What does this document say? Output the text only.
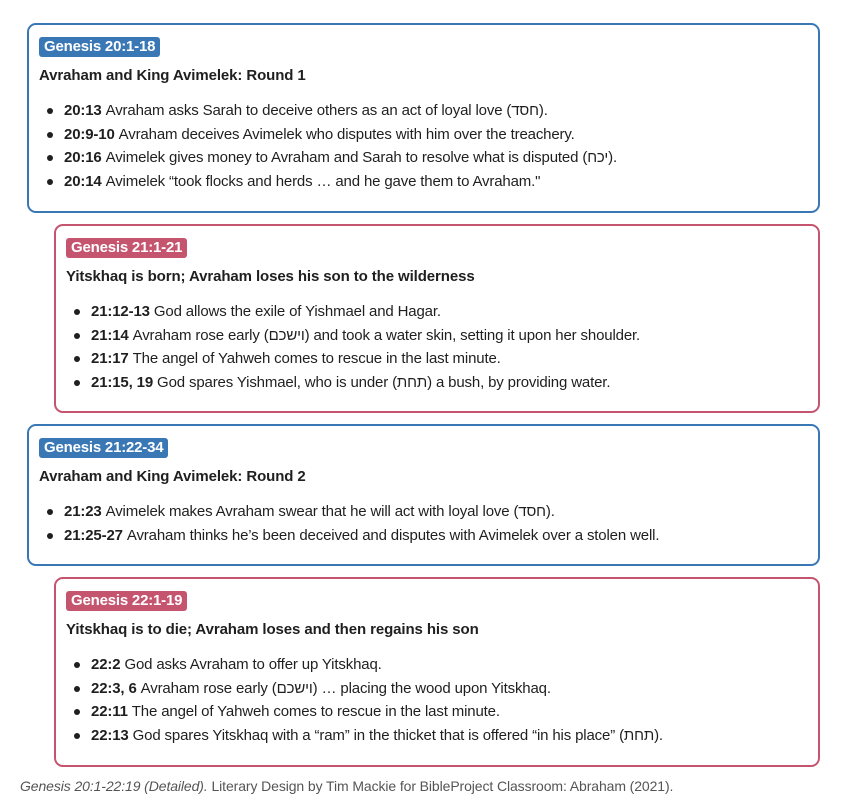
Genesis 20:1-18
Avraham and King Avimelek: Round 1
20:13 Avraham asks Sarah to deceive others as an act of loyal love (חסד).
20:9-10 Avraham deceives Avimelek who disputes with him over the treachery.
20:16 Avimelek gives money to Avraham and Sarah to resolve what is disputed (יכח).
20:14 Avimelek “took flocks and herds … and he gave them to Avraham."
Genesis 21:1-21
Yitskhaq is born; Avraham loses his son to the wilderness
21:12-13 God allows the exile of Yishmael and Hagar.
21:14 Avraham rose early (וישכם) and took a water skin, setting it upon her shoulder.
21:17 The angel of Yahweh comes to rescue in the last minute.
21:15, 19 God spares Yishmael, who is under (תחת) a bush, by providing water.
Genesis 21:22-34
Avraham and King Avimelek: Round 2
21:23 Avimelek makes Avraham swear that he will act with loyal love (חסד).
21:25-27 Avraham thinks he’s been deceived and disputes with Avimelek over a stolen well.
Genesis 22:1-19
Yitskhaq is to die; Avraham loses and then regains his son
22:2 God asks Avraham to offer up Yitskhaq.
22:3, 6 Avraham rose early (וישכם) … placing the wood upon Yitskhaq.
22:11 The angel of Yahweh comes to rescue in the last minute.
22:13 God spares Yitskhaq with a “ram” in the thicket that is offered “in his place” (תחת).
Genesis 20:1-22:19 (Detailed). Literary Design by Tim Mackie for BibleProject Classroom: Abraham (2021).
